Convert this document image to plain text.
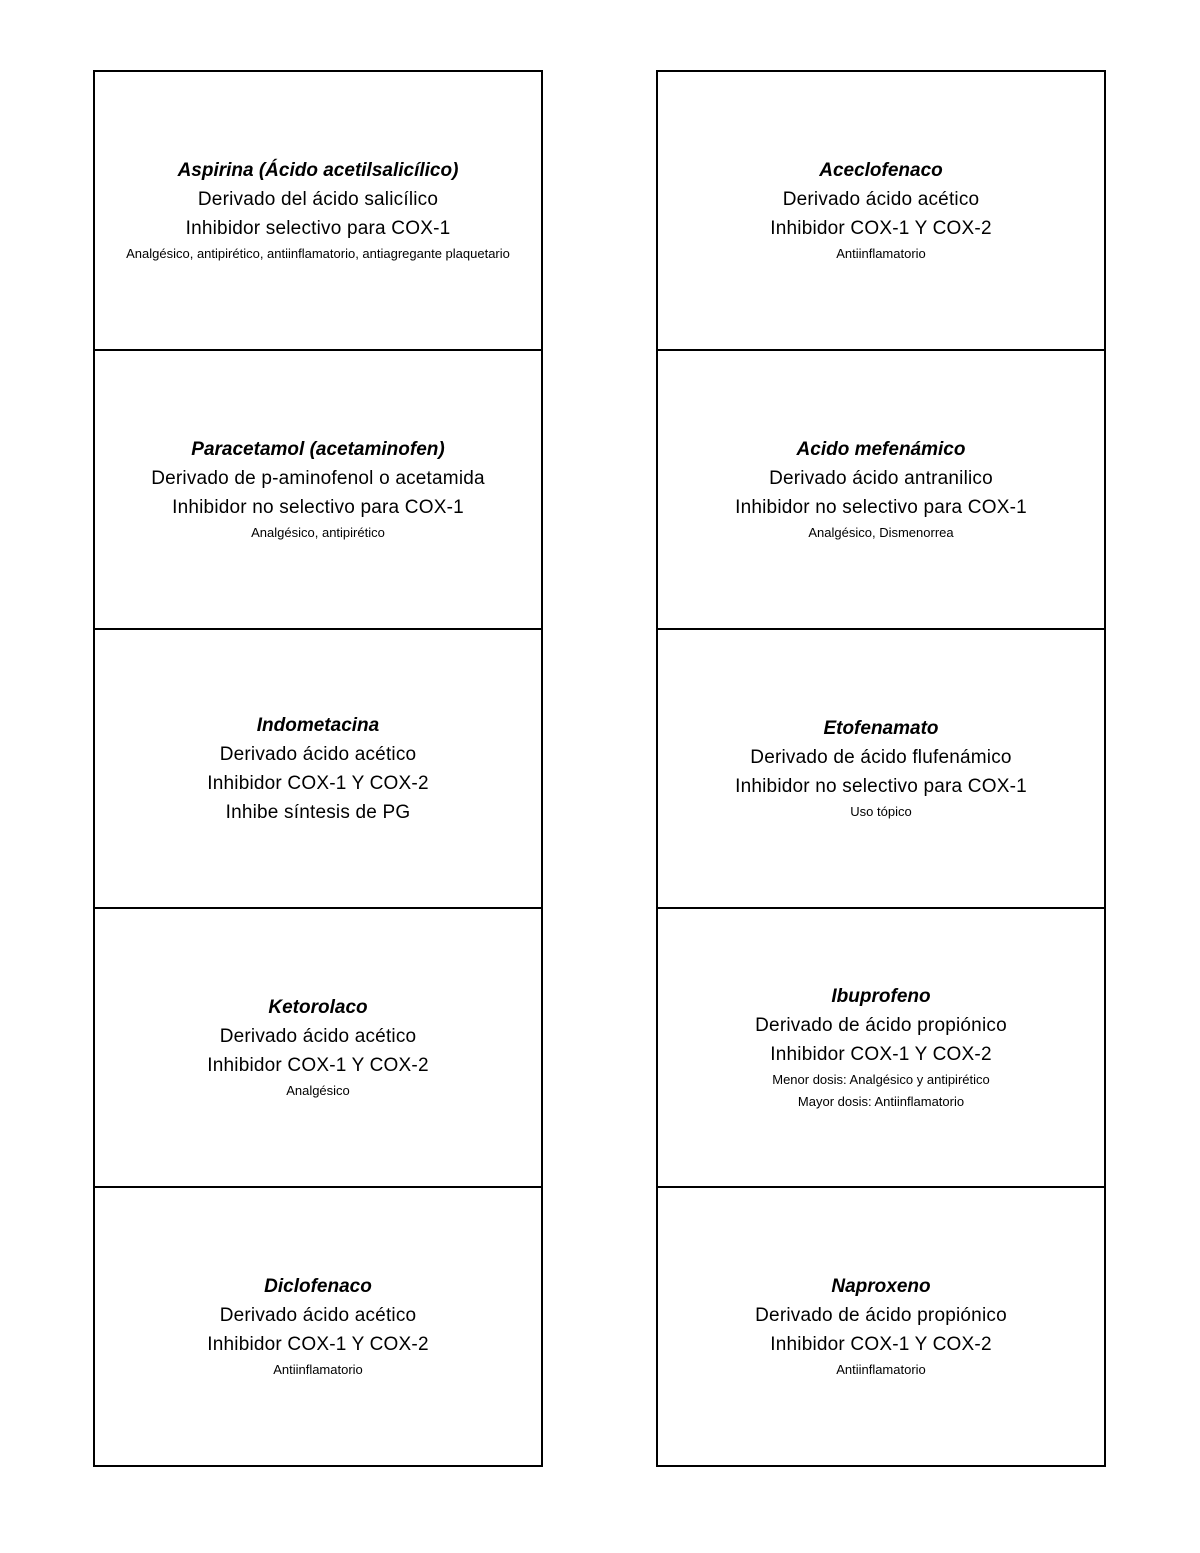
Aspirina (Ácido acetilsalicílico)
Derivado del ácido salicílico
Inhibidor selectivo para COX-1
Analgésico, antipirético, antiinflamatorio, antiagregante plaquetario
Paracetamol (acetaminofen)
Derivado de p-aminofenol o acetamida
Inhibidor no selectivo para COX-1
Analgésico, antipirético
Indometacina
Derivado ácido acético
Inhibidor COX-1 Y COX-2
Inhibe síntesis de PG
Ketorolaco
Derivado ácido acético
Inhibidor COX-1 Y COX-2
Analgésico
Diclofenaco
Derivado ácido acético
Inhibidor COX-1 Y COX-2
Antiinflamatorio
Aceclofenaco
Derivado ácido acético
Inhibidor COX-1 Y COX-2
Antiinflamatorio
Acido mefenámico
Derivado ácido antranilico
Inhibidor no selectivo para COX-1
Analgésico, Dismenorrea
Etofenamato
Derivado de ácido flufenámico
Inhibidor no selectivo para COX-1
Uso tópico
Ibuprofeno
Derivado de ácido propiónico
Inhibidor COX-1 Y COX-2
Menor dosis: Analgésico y antipirético
Mayor dosis: Antiinflamatorio
Naproxeno
Derivado de ácido propiónico
Inhibidor COX-1 Y COX-2
Antiinflamatorio
